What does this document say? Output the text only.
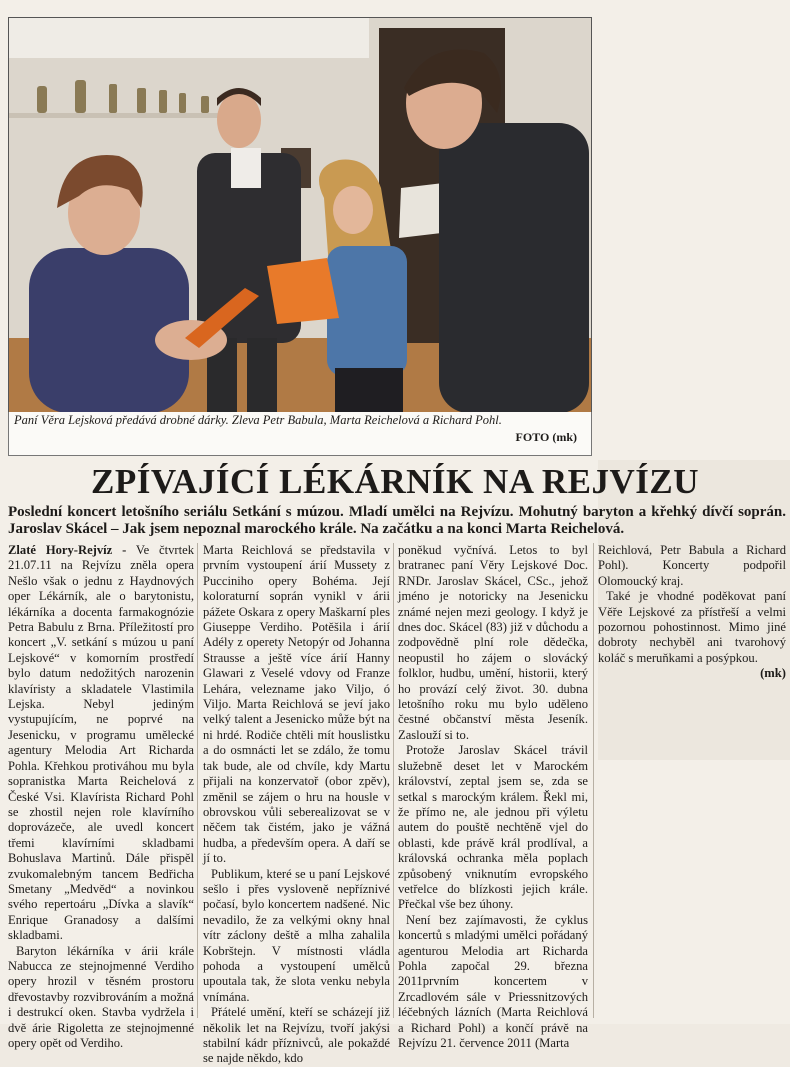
Paní Věra Lejsková předává drobné dárky. Zleva Petr Babula, Marta Reichelová a Richard Pohl.
FOTO (mk)
ZPÍVAJÍCÍ LÉKÁRNÍK NA REJVÍZU
Poslední koncert letošního seriálu Setkání s múzou. Mladí umělci na Rejvízu. Mohutný baryton a křehký dívčí soprán. Jaroslav Skácel – Jak jsem nepoznal marockého krále. Na začátku a na konci Marta Reichelová.

Zlaté Hory-Rejvíz - Ve čtvrtek 21.07.11 na Rejvízu zněla opera Nešlo však o jednu z Haydnových oper Lékárník, ale o barytonistu, lékárníka a docenta farmakognózie Petra Babulu z Brna. Příležitostí pro koncert „V. setkání s múzou u paní Lejskové“ v komorním prostředí bylo datum nedožitých narozenin klavíristy a skladatele Vlastimila Lejska. Nebyl jediným vystupujícím, ne poprvé na Jesenicku, v programu umělecké agentury Melodia Art Richarda Pohla. Křehkou protiváhou mu byla sopranistka Marta Reichelová z České Vsi. Klavírista Richard Pohl se zhostil nejen role klavírního doprovázeče, ale uvedl koncert třemi klavírními skladbami Bohuslava Martinů. Dále přispěl zvukomalebným tancem Bedřicha Smetany „Medvěd“ a novinkou svého repertoáru „Dívka a slavík“ Enrique Granadosy a dalšími skladbami.

Baryton lékárníka v árii krále Nabucca ze stejnojmenné Verdiho opery hrozil v těsném prostoru dřevostavby rozvibrováním a možná i destrukcí oken. Stavba vydržela i dvě árie Rigoletta ze stejnojmenné opery opět od Verdiho.

Marta Reichlová se představila v prvním vystoupení árií Mussety z Pucciniho opery Bohéma. Její koloraturní soprán vynikl v árii pážete Oskara z opery Maškarní ples Giuseppe Verdiho. Potěšila i árií Adély z operety Netopýr od Johanna Strausse a ještě více árií Hanny Glawari z Veselé vdovy od Franze Lehára, velezname jako Viljo, ó Viljo. Marta Reichlová se jeví jako velký talent a Jesenicko může být na ni hrdé. Rodiče chtěli mít houslistku a do osmnácti let se zdálo, že tomu tak bude, ale od chvíle, kdy Martu přijali na konzervatoř (obor zpěv), změnil se zájem o hru na housle v obrovskou vůli seberealizovat se v něčem tak čistém, jako je vážná hudba, a především opera. A daří se jí to.

Publikum, které se u paní Lejskové sešlo i přes vysloveně nepříznivé počasí, bylo koncertem nadšené. Nic nevadilo, že za velkými okny hnal vítr záclony deště a mlha zahalila Kobrštejn. V místnosti vládla pohoda a vystoupení umělců upoutala tak, že slota venku nebyla vnímána.

Přátelé umění, kteří se scházejí již několik let na Rejvízu, tvoří jakýsi stabilní kádr příznivců, ale pokaždé se najde někdo, kdo

poněkud vyčnívá. Letos to byl bratranec paní Věry Lejskové Doc. RNDr. Jaroslav Skácel, CSc., jehož jméno je notoricky na Jesenicku známé nejen mezi geology. I když je dnes doc. Skácel (83) již v důchodu a zodpovědně plní role dědečka, neopustil ho zájem o slovácký folklor, hudbu, umění, historii, který ho provází celý život. 30. dubna letošního roku mu bylo uděleno čestné občanství města Jeseník. Zaslouží si to.

Protože Jaroslav Skácel trávil služebně deset let v Marockém království, zeptal jsem se, zda se setkal s marockým králem. Řekl mi, že přímo ne, ale jednou při výletu autem do pouště nechtěně vjel do oblasti, kde právě král prodlíval, a královská ochranka měla poplach způsobený vniknutím evropského vetřelce do blízkosti jejich krále. Přečkal vše bez úhony.

Není bez zajímavosti, že cyklus koncertů s mladými umělci pořádaný agenturou Melodia art Richarda Pohla započal 29. března 2011prvním koncertem v Zrcadlovém sále v Priessnitzových léčebných lázních (Marta Reichlová a Richard Pohl) a končí právě na Rejvízu 21. července 2011 (Marta

Reichlová, Petr Babula a Richard Pohl). Koncerty podpořil Olomoucký kraj.

Také je vhodné poděkovat paní Věře Lejskové za přístřeší a velmi pozornou pohostinnost. Mimo jiné dobroty nechyběl ani tvarohový koláč s meruňkami a posýpkou.

(mk)
